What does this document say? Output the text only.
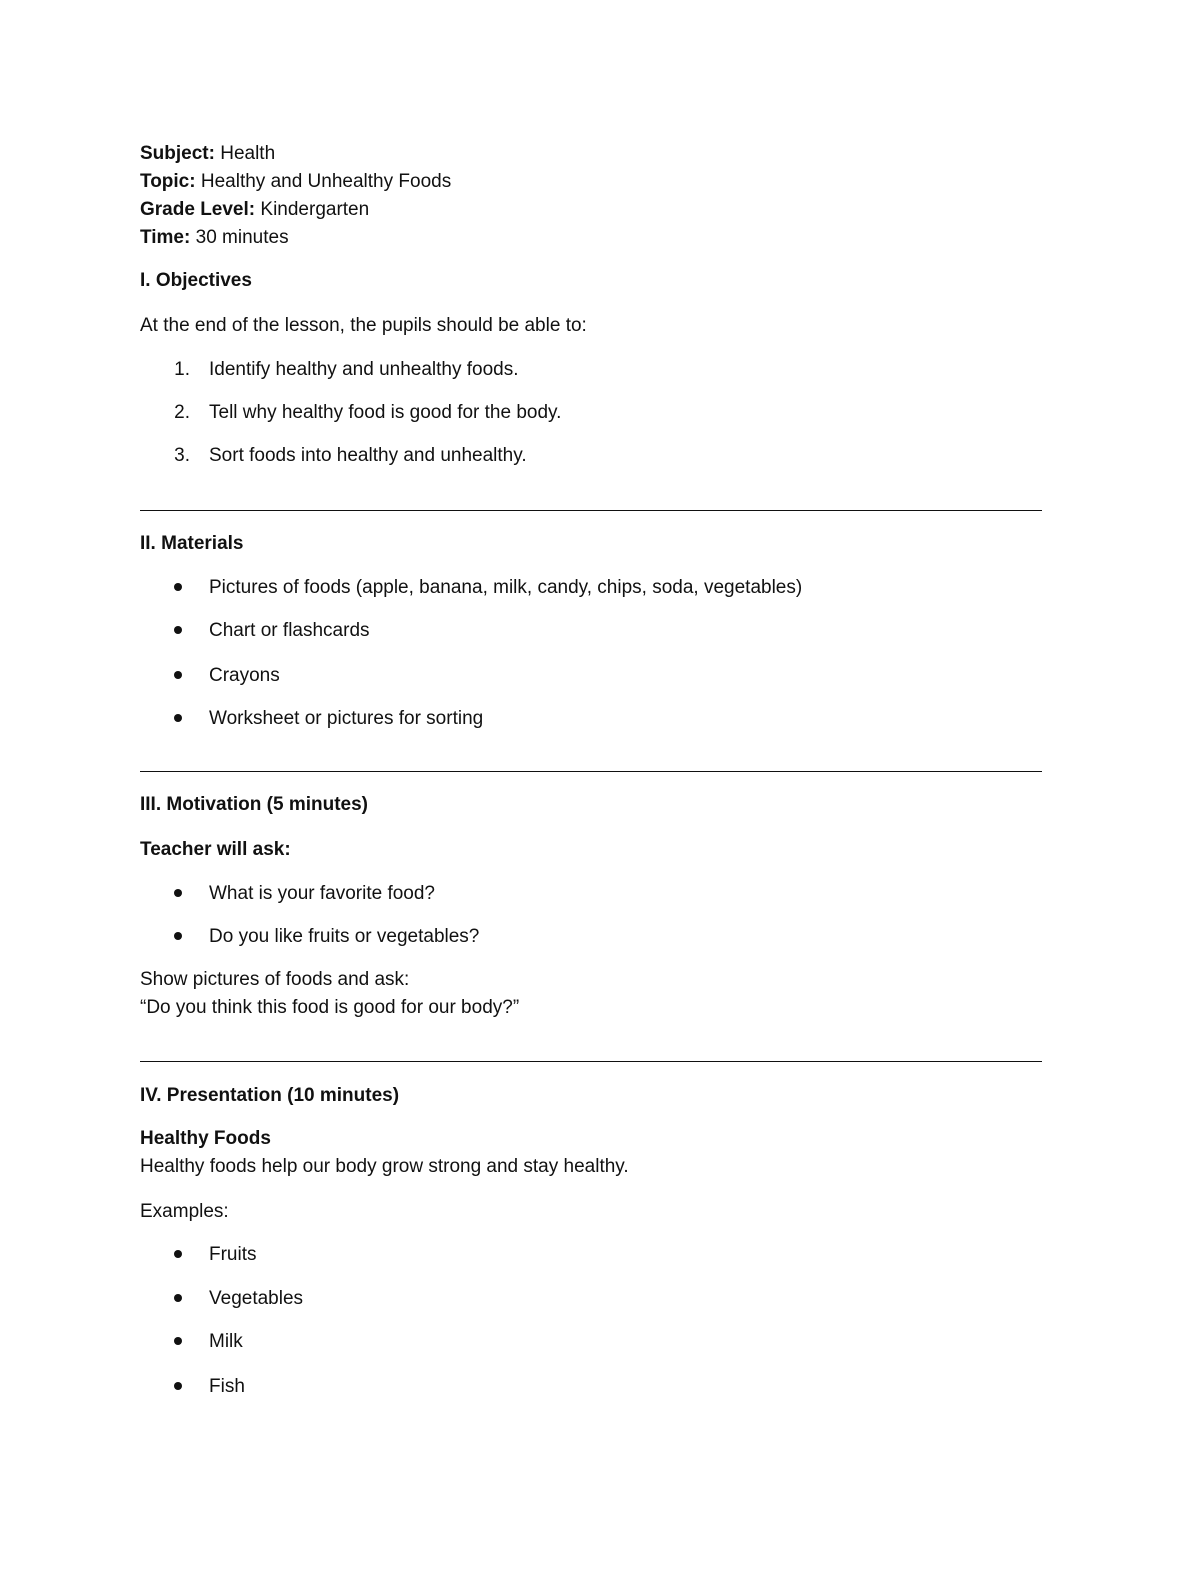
Subject: Health
Topic: Healthy and Unhealthy Foods
Grade Level: Kindergarten
Time: 30 minutes
I. Objectives
At the end of the lesson, the pupils should be able to:
1. Identify healthy and unhealthy foods.
2. Tell why healthy food is good for the body.
3. Sort foods into healthy and unhealthy.
II. Materials
Pictures of foods (apple, banana, milk, candy, chips, soda, vegetables)
Chart or flashcards
Crayons
Worksheet or pictures for sorting
III. Motivation (5 minutes)
Teacher will ask:
What is your favorite food?
Do you like fruits or vegetables?
Show pictures of foods and ask:
“Do you think this food is good for our body?”
IV. Presentation (10 minutes)
Healthy Foods
Healthy foods help our body grow strong and stay healthy.
Examples:
Fruits
Vegetables
Milk
Fish
